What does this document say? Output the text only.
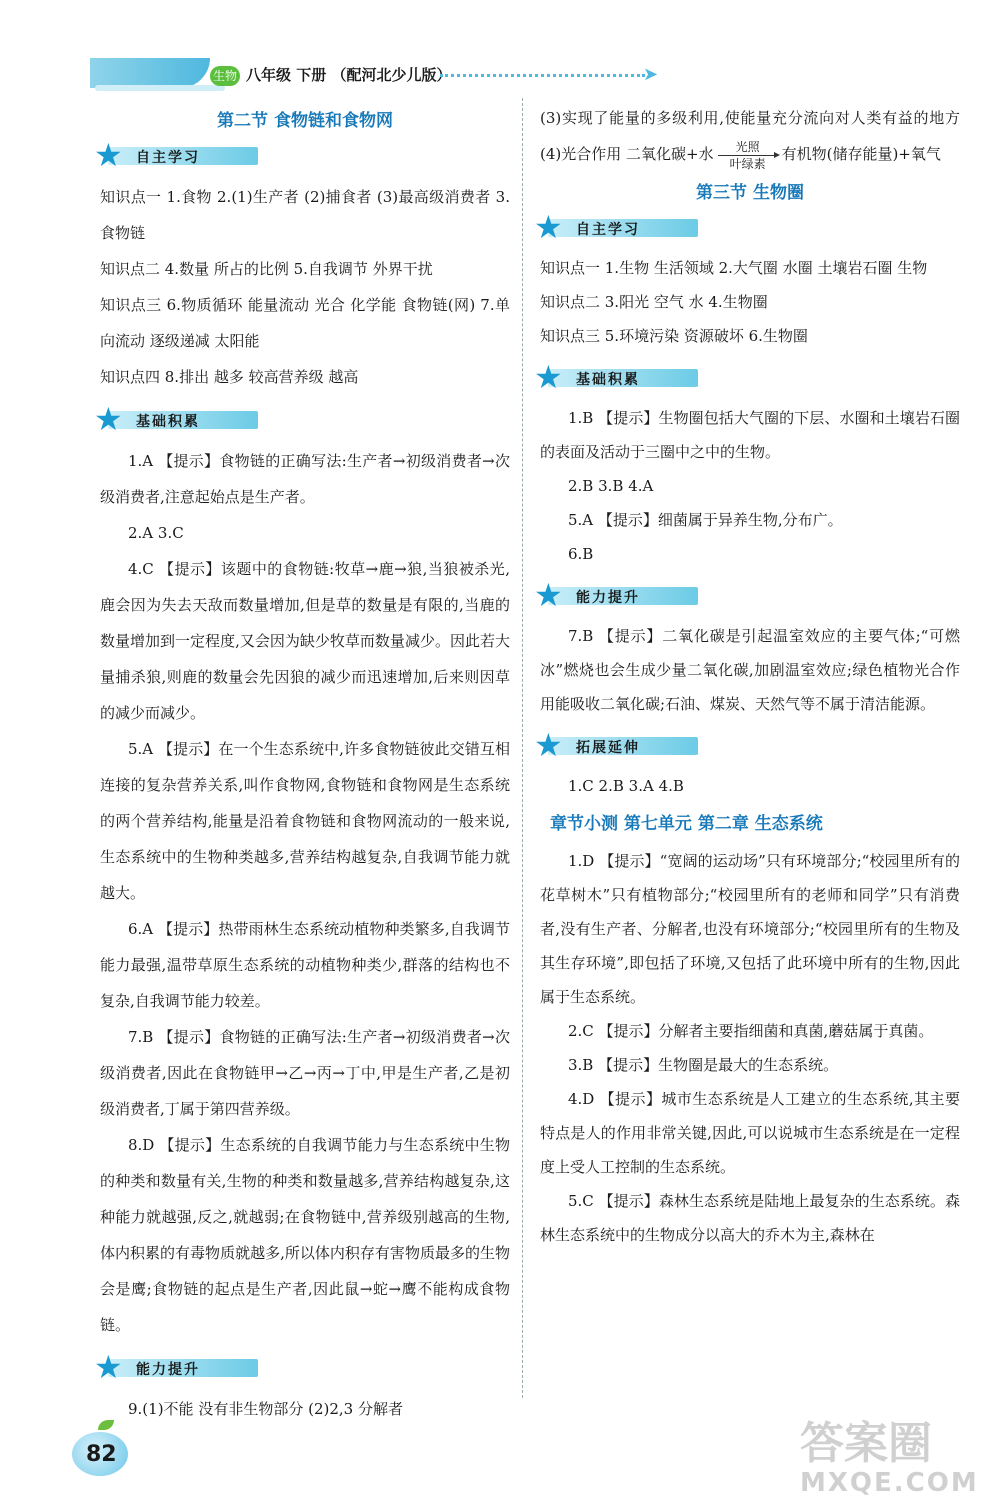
生物 八年级 下册 （配河北少儿版）	➤
第二节 食物链和食物网
★ 自主学习

知识点一 1.食物 2.(1)生产者 (2)捕食者 (3)最高级消费者 3.食物链

知识点二 4.数量 所占的比例 5.自我调节 外界干扰

知识点三 6.物质循环 能量流动 光合 化学能 食物链(网) 7.单向流动 逐级递减 太阳能

知识点四 8.排出 越多 较高营养级 越高

★ 基础积累

1.A 【提示】食物链的正确写法:生产者→初级消费者→次级消费者,注意起始点是生产者。

2.A 3.C

4.C 【提示】该题中的食物链:牧草→鹿→狼,当狼被杀光,鹿会因为失去天敌而数量增加,但是草的数量是有限的,当鹿的数量增加到一定程度,又会因为缺少牧草而数量减少。因此若大量捕杀狼,则鹿的数量会先因狼的减少而迅速增加,后来则因草的减少而减少。

5.A 【提示】在一个生态系统中,许多食物链彼此交错互相连接的复杂营养关系,叫作食物网,食物链和食物网是生态系统的两个营养结构,能量是沿着食物链和食物网流动的一般来说,生态系统中的生物种类越多,营养结构越复杂,自我调节能力就越大。

6.A 【提示】热带雨林生态系统动植物种类繁多,自我调节能力最强,温带草原生态系统的动植物种类少,群落的结构也不复杂,自我调节能力较差。

7.B 【提示】食物链的正确写法:生产者→初级消费者→次级消费者,因此在食物链甲→乙→丙→丁中,甲是生产者,乙是初级消费者,丁属于第四营养级。

8.D 【提示】生态系统的自我调节能力与生态系统中生物的种类和数量有关,生物的种类和数量越多,营养结构越复杂,这种能力就越强,反之,就越弱;在食物链中,营养级别越高的生物,体内积累的有毒物质就越多,所以体内积存有害物质最多的生物会是鹰;食物链的起点是生产者,因此鼠→蛇→鹰不能构成食物链。

★ 能力提升

9.(1)不能 没有非生物部分 (2)2,3 分解者

(3)实现了能量的多级利用,使能量充分流向对人类有益的地方(4)光合作用 二氧化碳+水 光照
叶绿素有机物(储存能量)+氧气

第三节 生物圈
★ 自主学习

知识点一 1.生物 生活领域 2.大气圈 水圈 土壤岩石圈 生物

知识点二 3.阳光 空气 水 4.生物圈

知识点三 5.环境污染 资源破坏 6.生物圈

★ 基础积累

1.B 【提示】生物圈包括大气圈的下层、水圈和土壤岩石圈的表面及活动于三圈中之中的生物。

2.B 3.B 4.A

5.A 【提示】细菌属于异养生物,分布广。

6.B

★ 能力提升

7.B 【提示】二氧化碳是引起温室效应的主要气体;“可燃冰”燃烧也会生成少量二氧化碳,加剧温室效应;绿色植物光合作用能吸收二氧化碳;石油、煤炭、天然气等不属于清洁能源。

★ 拓展延伸

1.C 2.B 3.A 4.B

章节小测 第七单元 第二章 生态系统

1.D 【提示】“宽阔的运动场”只有环境部分;“校园里所有的花草树木”只有植物部分;“校园里所有的老师和同学”只有消费者,没有生产者、分解者,也没有环境部分;“校园里所有的生物及其生存环境”,即包括了环境,又包括了此环境中所有的生物,因此属于生态系统。

2.C 【提示】分解者主要指细菌和真菌,蘑菇属于真菌。

3.B 【提示】生物圈是最大的生态系统。

4.D 【提示】城市生态系统是人工建立的生态系统,其主要特点是人的作用非常关键,因此,可以说城市生态系统是在一定程度上受人工控制的生态系统。

5.C 【提示】森林生态系统是陆地上最复杂的生态系统。森林生态系统中的生物成分以高大的乔木为主,森林在

82	答案圈
MXQE.COM
